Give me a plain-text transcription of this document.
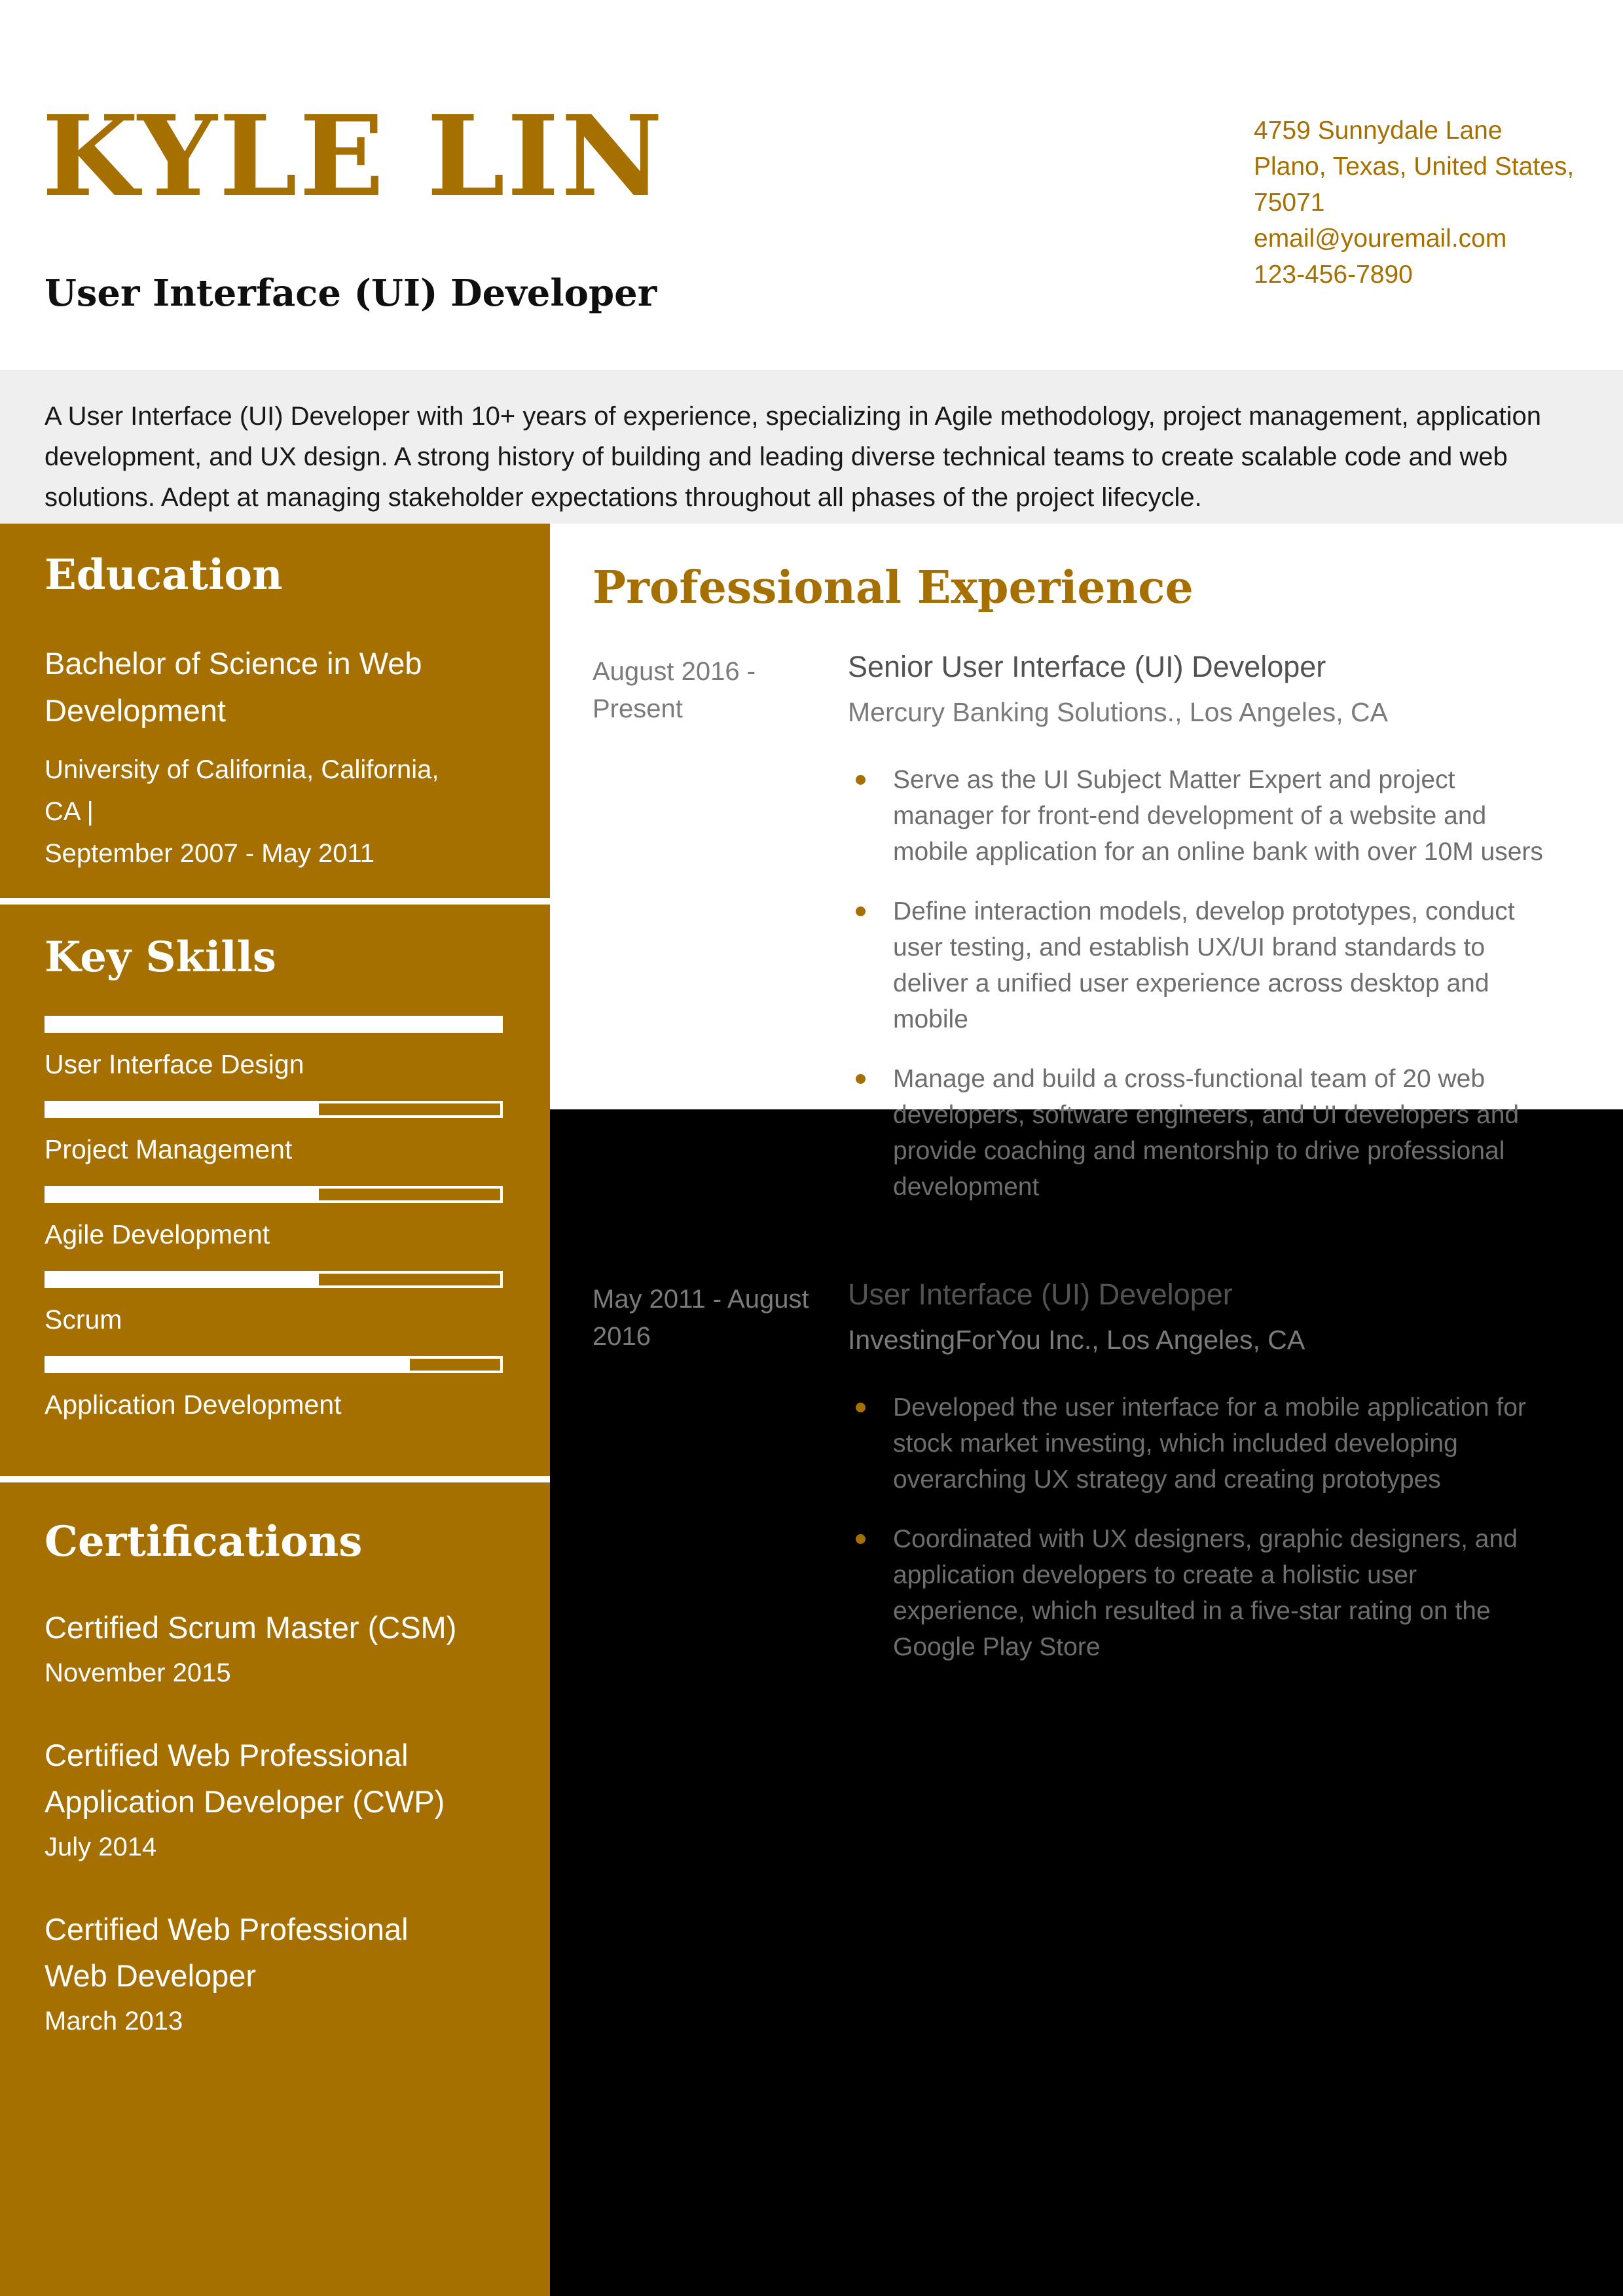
KYLE LIN
User Interface (UI) Developer
4759 Sunnydale Lane
Plano, Texas, United States,
75071
email@youremail.com
123-456-7890

A User Interface (UI) Developer with 10+ years of experience, specializing in Agile methodology, project management, application development, and UX design. A strong history of building and leading diverse technical teams to create scalable code and web solutions. Adept at managing stakeholder expectations throughout all phases of the project lifecycle.

Education
Bachelor of Science in Web Development
University of California, California, CA |
September 2007 - May 2011
Key Skills
User Interface Design
Project Management
Agile Development
Scrum
Application Development
Certifications
Certified Scrum Master (CSM)
November 2015
Certified Web Professional Application Developer (CWP)
July 2014
Certified Web Professional Web Developer
March 2013
Professional Experience
August 2016 - Present
Senior User Interface (UI) Developer
Mercury Banking Solutions., Los Angeles, CA
Serve as the UI Subject Matter Expert and project manager for front-end development of a website and mobile application for an online bank with over 10M users
Define interaction models, develop prototypes, conduct user testing, and establish UX/UI brand standards to deliver a unified user experience across desktop and mobile
Manage and build a cross-functional team of 20 web developers, software engineers, and UI developers and provide coaching and mentorship to drive professional development
May 2011 - August 2016
User Interface (UI) Developer
InvestingForYou Inc., Los Angeles, CA
Developed the user interface for a mobile application for stock market investing, which included developing overarching UX strategy and creating prototypes
Coordinated with UX designers, graphic designers, and application developers to create a holistic user experience, which resulted in a five-star rating on the Google Play Store
